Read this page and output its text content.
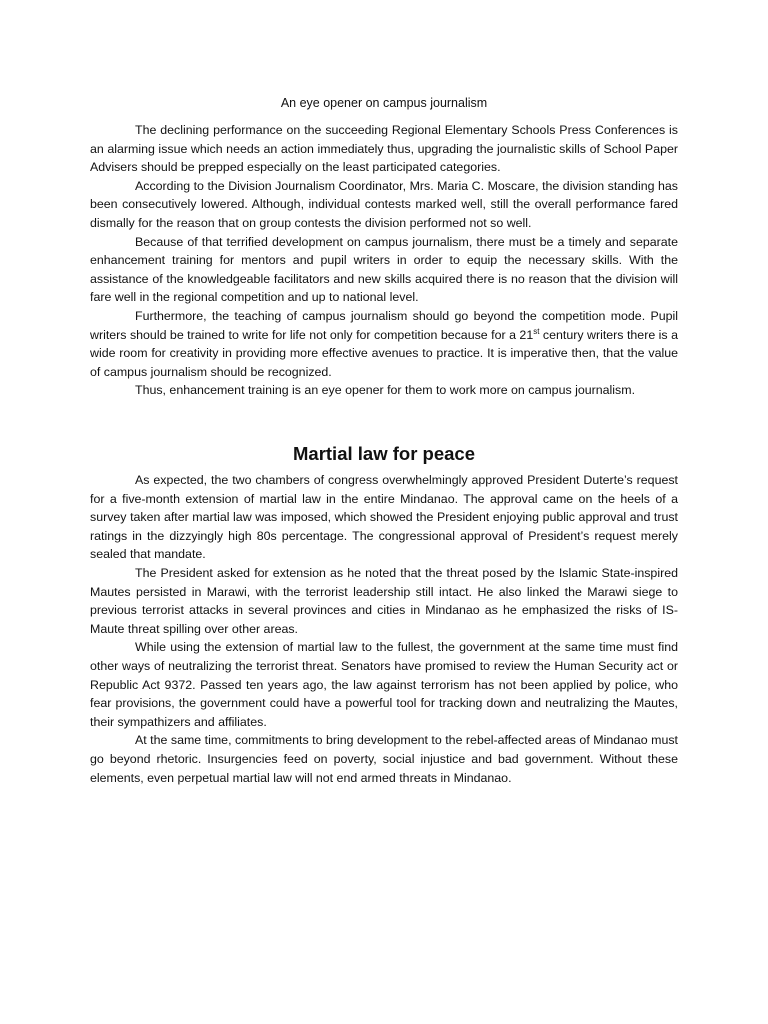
An eye opener on campus journalism

The declining performance on the succeeding Regional Elementary Schools Press Conferences is an alarming issue which needs an action immediately thus, upgrading the journalistic skills of School Paper Advisers should be prepped especially on the least participated categories.

According to the Division Journalism Coordinator, Mrs. Maria C. Moscare, the division standing has been consecutively lowered. Although, individual contests marked well, still the overall performance fared dismally for the reason that on group contests the division performed not so well.

Because of that terrified development on campus journalism, there must be a timely and separate enhancement training for mentors and pupil writers in order to equip the necessary skills. With the assistance of the knowledgeable facilitators and new skills acquired there is no reason that the division will fare well in the regional competition and up to national level.

Furthermore, the teaching of campus journalism should go beyond the competition mode. Pupil writers should be trained to write for life not only for competition because for a 21st century writers there is a wide room for creativity in providing more effective avenues to practice. It is imperative then, that the value of campus journalism should be recognized.

Thus, enhancement training is an eye opener for them to work more on campus journalism.

Martial law for peace

As expected, the two chambers of congress overwhelmingly approved President Duterte’s request for a five-month extension of martial law in the entire Mindanao. The approval came on the heels of a survey taken after martial law was imposed, which showed the President enjoying public approval and trust ratings in the dizzyingly high 80s percentage. The congressional approval of President’s request merely sealed that mandate.

The President asked for extension as he noted that the threat posed by the Islamic State-inspired Mautes persisted in Marawi, with the terrorist leadership still intact. He also linked the Marawi siege to previous terrorist attacks in several provinces and cities in Mindanao as he emphasized the risks of IS-Maute threat spilling over other areas.

While using the extension of martial law to the fullest, the government at the same time must find other ways of neutralizing the terrorist threat. Senators have promised to review the Human Security act or Republic Act 9372. Passed ten years ago, the law against terrorism has not been applied by police, who fear provisions, the government could have a powerful tool for tracking down and neutralizing the Mautes, their sympathizers and affiliates.

At the same time, commitments to bring development to the rebel-affected areas of Mindanao must go beyond rhetoric. Insurgencies feed on poverty, social injustice and bad government. Without these elements, even perpetual martial law will not end armed threats in Mindanao.
